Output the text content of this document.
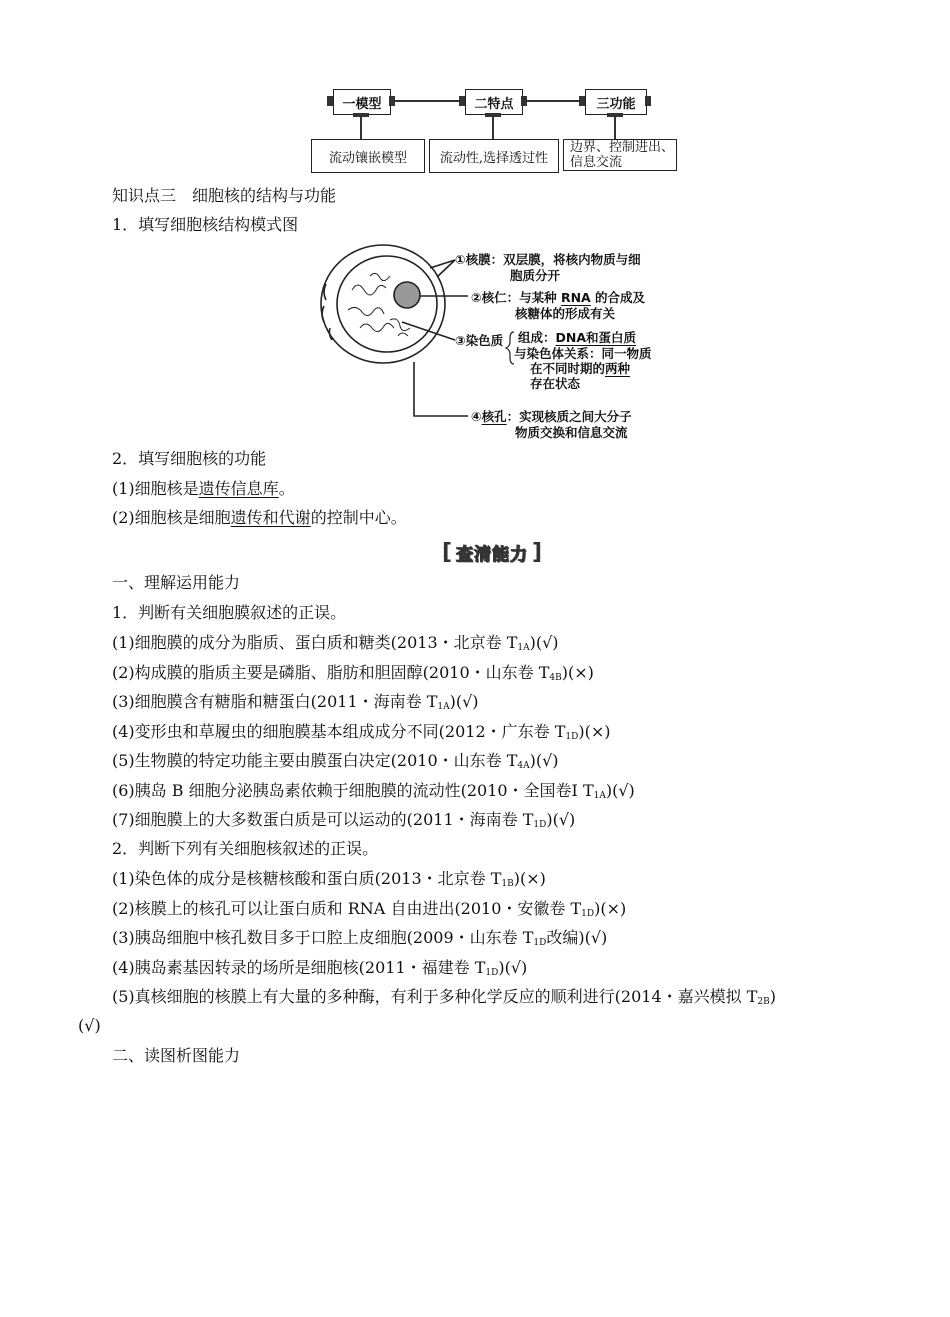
一模型	二特点	三功能
流动镶嵌模型	流动性,选择透过性
边界、控制进出、
信息交流
知识点三　细胞核的结构与功能
1．填写细胞核结构模式图
①核膜：双层膜，将核内物质与细
胞质分开
②核仁：与某种 RNA 的合成及
核糖体的形成有关
③染色质 组成：DNA和蛋白质
与染色体关系：同一物质
在不同时期的两种
存在状态
④核孔：实现核质之间大分子
物质交换和信息交流
2．填写细胞核的功能
(1)细胞核是遗传信息库。
(2)细胞核是细胞遗传和代谢的控制中心。
[ 查清能力 ]
一、理解运用能力
1．判断有关细胞膜叙述的正误。
(1)细胞膜的成分为脂质、蛋白质和糖类(2013・北京卷 $T_{1A})(√)$
(2)构成膜的脂质主要是磷脂、脂肪和胆固醇(2010・山东卷 $T_{4B})(\times)$
(3)细胞膜含有糖脂和糖蛋白(2011・海南卷 $T_{1A})(√)$
(4)变形虫和草履虫的细胞膜基本组成成分不同(2012・广东卷 $T_{1D})(\times)$
(5)生物膜的特定功能主要由膜蛋白决定(2010・山东卷 $T_{4A})(√)$
(6)胰岛 B 细胞分泌胰岛素依赖于细胞膜的流动性(2010・全国卷Ⅰ $T_{1A})(√)$
(7)细胞膜上的大多数蛋白质是可以运动的(2011・海南卷 $T_{1D})(√)$
2．判断下列有关细胞核叙述的正误。
(1)染色体的成分是核糖核酸和蛋白质(2013・北京卷 $T_{1B})(\times)$
(2)核膜上的核孔可以让蛋白质和 RNA 自由进出(2010・安徽卷 $T_{1D})(\times)$
(3)胰岛细胞中核孔数目多于口腔上皮细胞(2009・山东卷 $T_{1D}$改编)(√)
(4)胰岛素基因转录的场所是细胞核(2011・福建卷 $T_{1D})(√)$
(5)真核细胞的核膜上有大量的多种酶，有利于多种化学反应的顺利进行(2014・嘉兴模拟 $T_{2B}$)
(√)
二、读图析图能力
